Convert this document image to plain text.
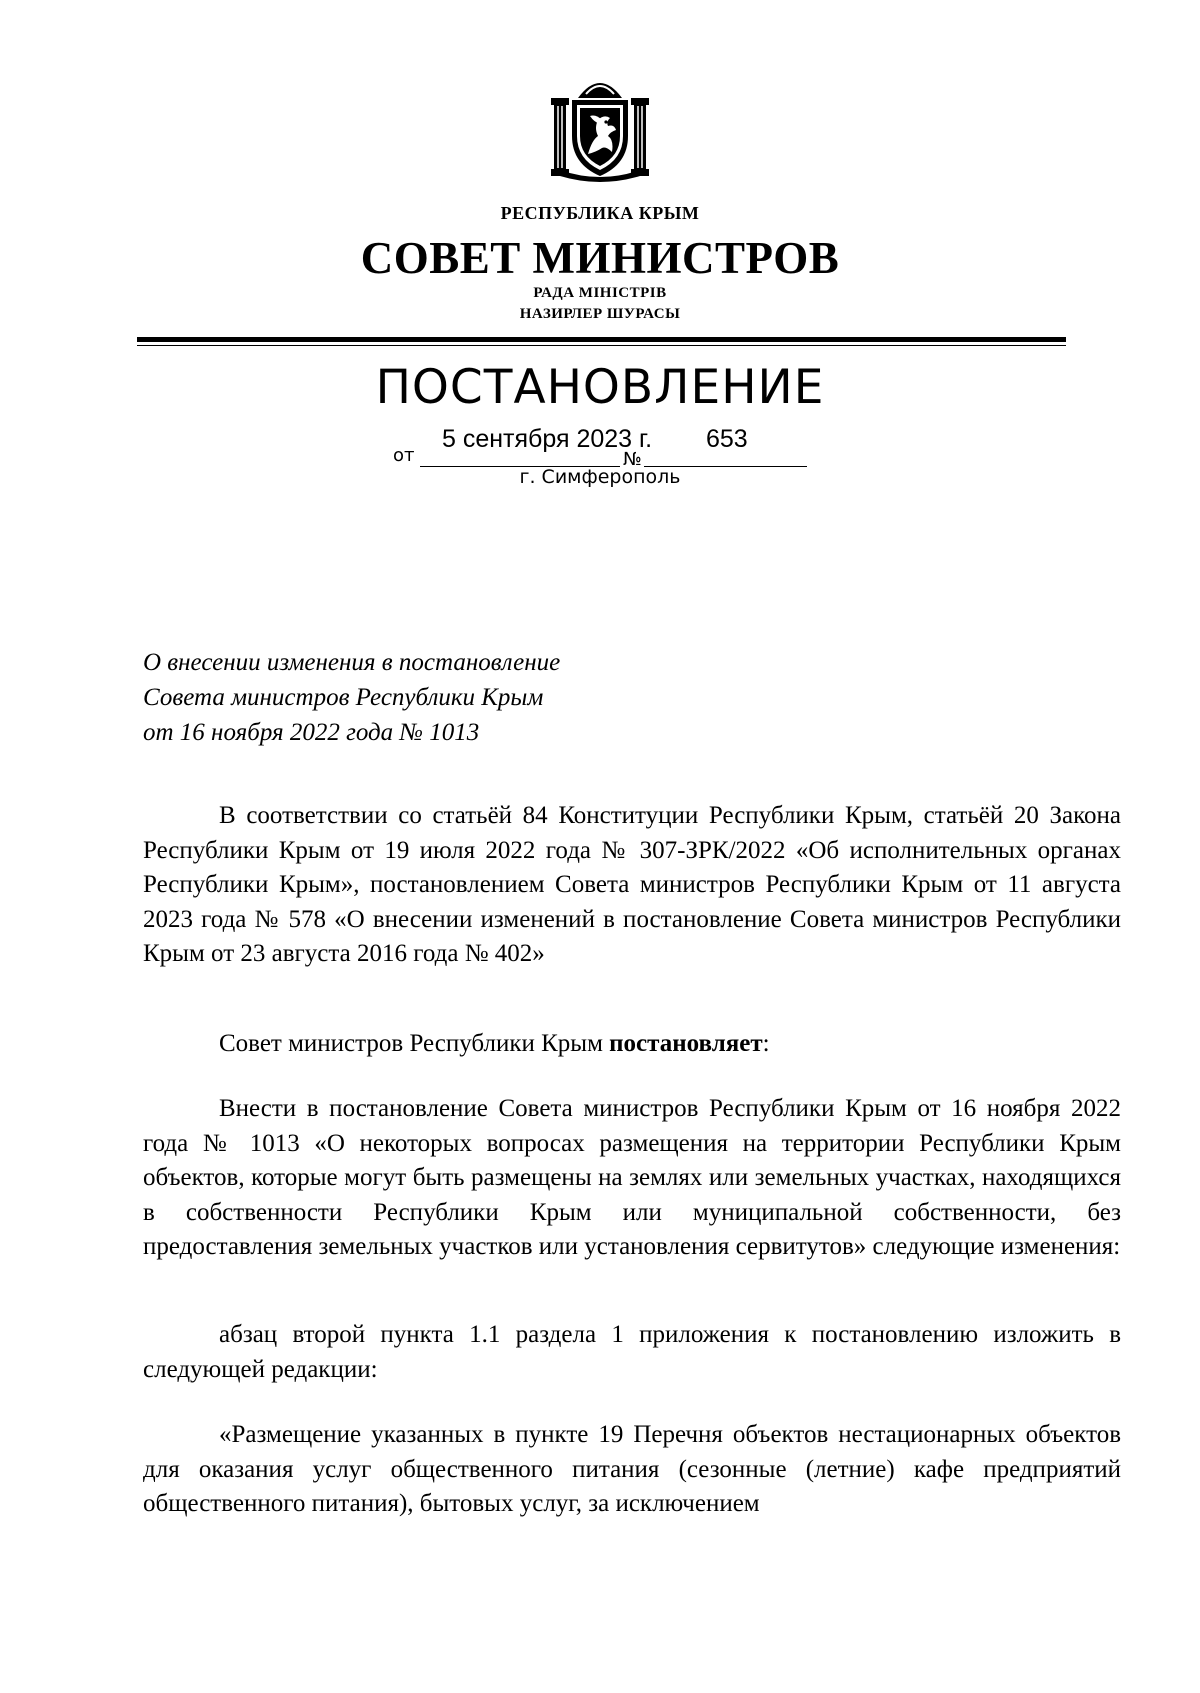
РЕСПУБЛИКА КРЫМ
СОВЕТ МИНИСТРОВ
РАДА МІНІСТРІВ
НАЗИРЛЕР ШУРАСЫ
ПОСТАНОВЛЕНИЕ
от
5 сентября 2023 г.
№
653
г. Симферополь
О внесении изменения в постановление
Совета министров Республики Крым
от 16 ноября 2022 года № 1013

В соответствии со статьёй 84 Конституции Республики Крым, статьёй 20 Закона Республики Крым от 19 июля 2022 года № 307-ЗРК/2022 «Об исполнительных органах Республики Крым», постановлением Совета министров Республики Крым от 11 августа 2023 года № 578 «О внесении изменений в постановление Совета министров Республики Крым от 23 августа 2016 года № 402»

Совет министров Республики Крым постановляет:

Внести в постановление Совета министров Республики Крым от 16 ноября 2022 года № 1013 «О некоторых вопросах размещения на территории Республики Крым объектов, которые могут быть размещены на землях или земельных участках, находящихся в собственности Республики Крым или муниципальной собственности, без предоставления земельных участков или установления сервитутов» следующие изменения:

абзац второй пункта 1.1 раздела 1 приложения к постановлению изложить в следующей редакции:

«Размещение указанных в пункте 19 Перечня объектов нестационарных объектов для оказания услуг общественного питания (сезонные (летние) кафе предприятий общественного питания), бытовых услуг, за исключением
